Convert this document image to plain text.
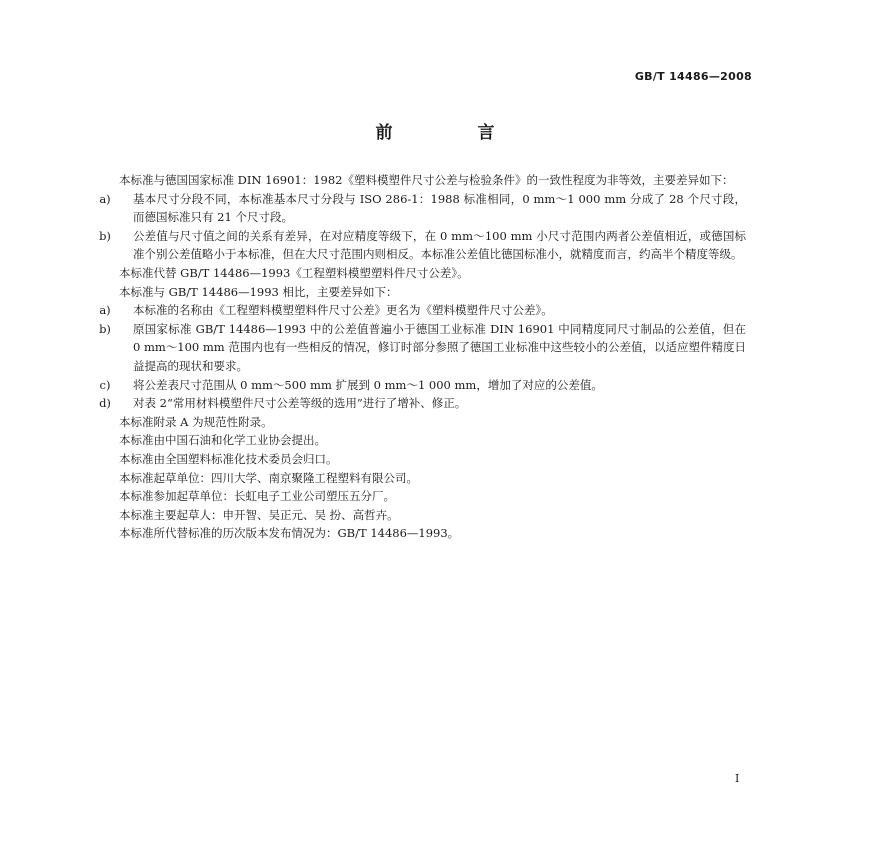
GB/T 14486—2008
前　言
本标准与德国国家标准 DIN 16901：1982《塑料模塑件尺寸公差与检验条件》的一致性程度为非等效，主要差异如下：
a) 基本尺寸分段不同，本标准基本尺寸分段与 ISO 286-1：1988 标准相同，0 mm～1 000 mm 分成了 28 个尺寸段，而德国标准只有 21 个尺寸段。
b) 公差值与尺寸值之间的关系有差异，在对应精度等级下，在 0 mm～100 mm 小尺寸范围内两者公差值相近，或德国标准个别公差值略小于本标准，但在大尺寸范围内则相反。本标准公差值比德国标准小，就精度而言，约高半个精度等级。
本标准代替 GB/T 14486—1993《工程塑料模塑塑料件尺寸公差》。
本标准与 GB/T 14486—1993 相比，主要差异如下：
a) 本标准的名称由《工程塑料模塑塑料件尺寸公差》更名为《塑料模塑件尺寸公差》。
b) 原国家标准 GB/T 14486—1993 中的公差值普遍小于德国工业标准 DIN 16901 中同精度同尺寸制品的公差值，但在 0 mm～100 mm 范围内也有一些相反的情况，修订时部分参照了德国工业标准中这些较小的公差值，以适应塑件精度日益提高的现状和要求。
c)	将公差表尺寸范围从 0 mm～500 mm 扩展到 0 mm～1 000 mm，增加了对应的公差值。
d) 对表 2“常用材料模塑件尺寸公差等级的选用”进行了增补、修正。
本标准附录 A 为规范性附录。
本标准由中国石油和化学工业协会提出。
本标准由全国塑料标准化技术委员会归口。
本标准起草单位：四川大学、南京聚隆工程塑料有限公司。
本标准参加起草单位：长虹电子工业公司塑压五分厂。
本标准主要起草人：申开智、吴正元、吴 扮、高哲卉。
本标准所代替标准的历次版本发布情况为：GB/T 14486—1993。
I
